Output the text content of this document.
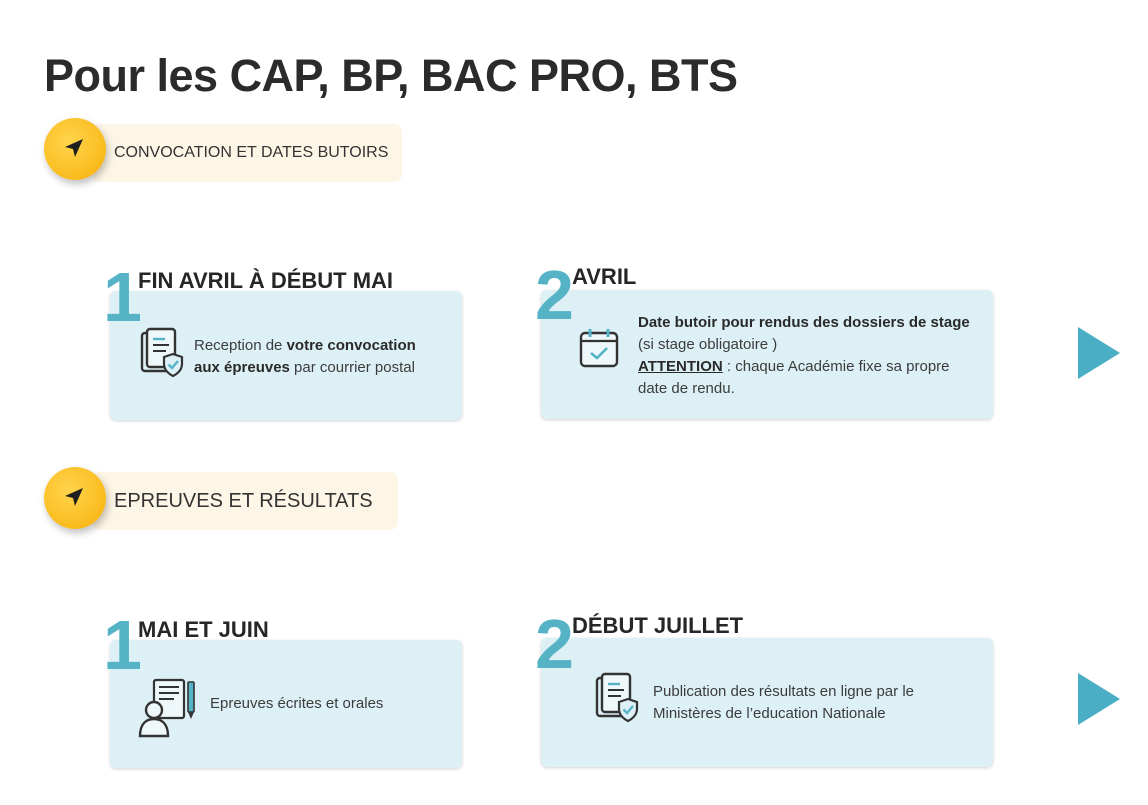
Pour les CAP, BP, BAC PRO, BTS
CONVOCATION ET DATES BUTOIRS
Reception de votre convocation aux épreuves par courrier postal
1
FIN AVRIL À DÉBUT MAI
Date butoir pour rendus des dossiers de stage
(si stage obligatoire )
ATTENTION : chaque Académie fixe sa propre date de rendu.
2
AVRIL
EPREUVES ET RÉSULTATS
Epreuves écrites et orales
1
MAI ET JUIN
Publication des résultats en ligne par le Ministères de l’education Nationale
2
DÉBUT JUILLET
